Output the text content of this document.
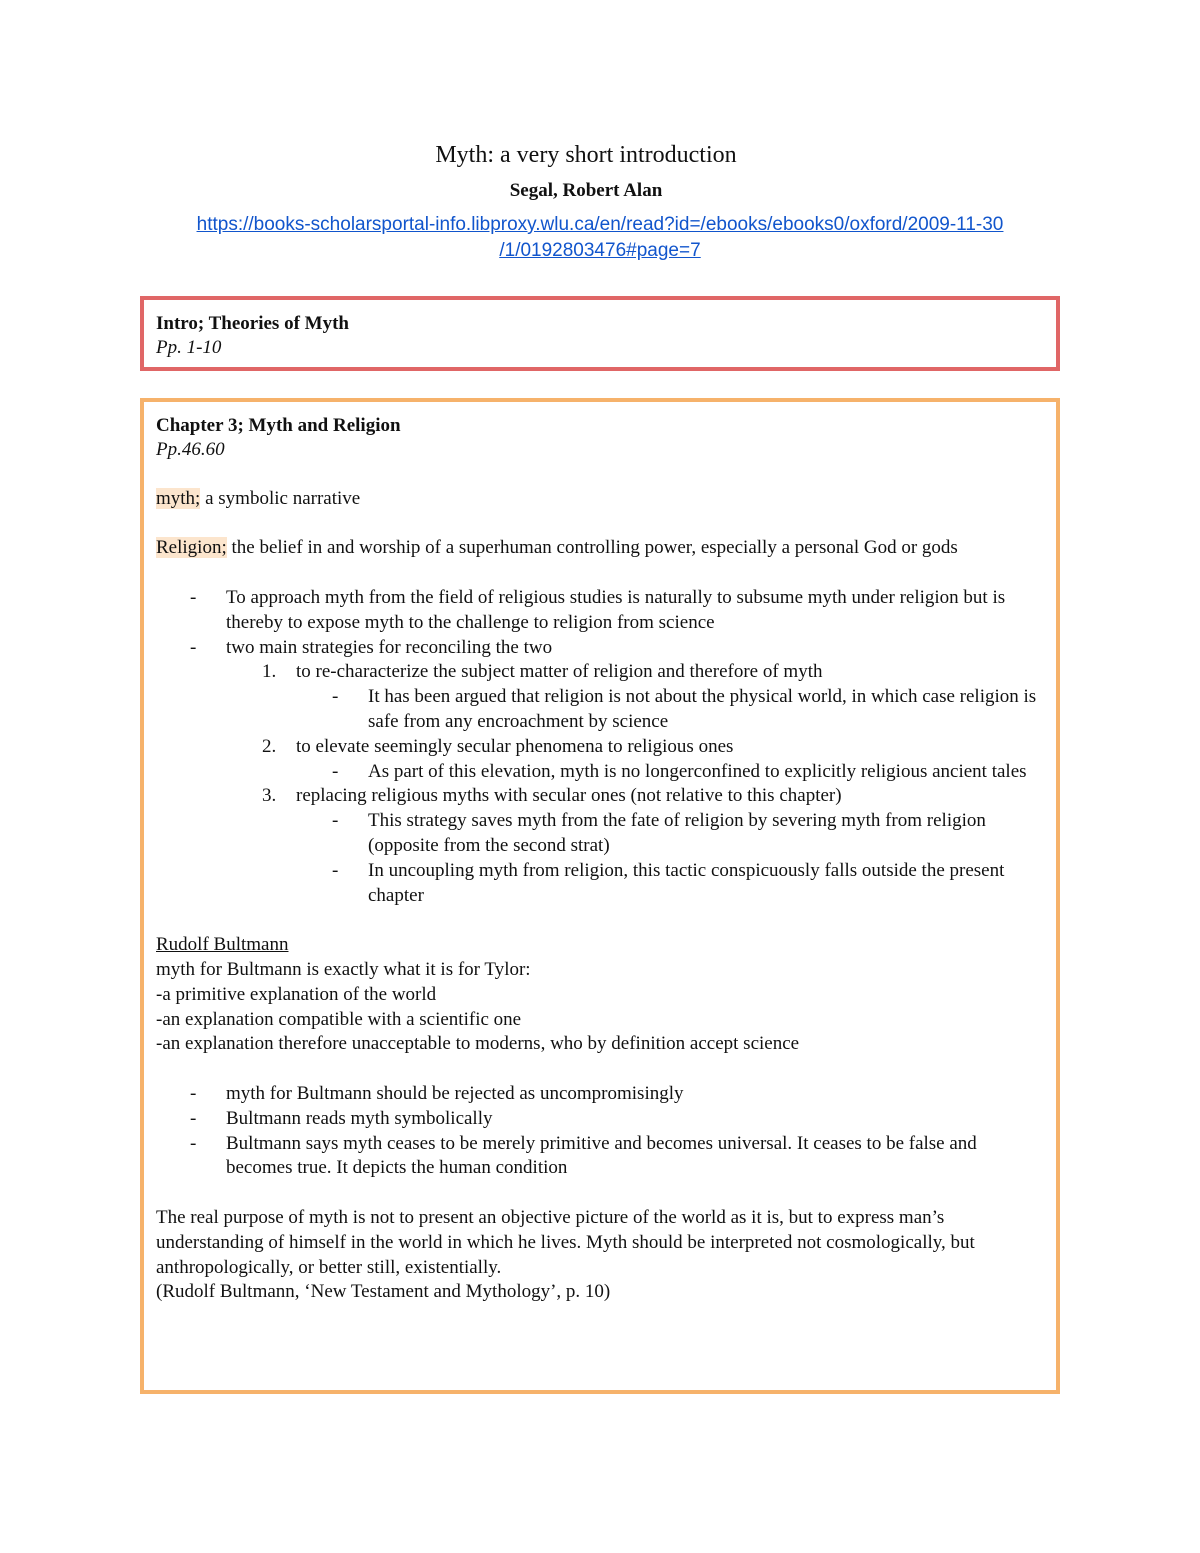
Myth: a very short introduction
Segal, Robert Alan
https://books-scholarsportal-info.libproxy.wlu.ca/en/read?id=/ebooks/ebooks0/oxford/2009-11-30
/1/0192803476#page=7
Intro; Theories of Myth
Pp. 1-10
Chapter 3; Myth and Religion
Pp.46.60

myth; a symbolic narrative

Religion; the belief in and worship of a superhuman controlling power, especially a personal God or gods

- To approach myth from the field of religious studies is naturally to subsume myth under religion but is thereby to expose myth to the challenge to religion from science
- two main strategies for reconciling the two
1. to re-characterize the subject matter of religion and therefore of myth
- It has been argued that religion is not about the physical world, in which case religion is safe from any encroachment by science
2. to elevate seemingly secular phenomena to religious ones
- As part of this elevation, myth is no longerconfined to explicitly religious ancient tales
3. replacing religious myths with secular ones (not relative to this chapter)
- This strategy saves myth from the fate of religion by severing myth from religion (opposite from the second strat)
- In uncoupling myth from religion, this tactic conspicuously falls outside the present chapter

Rudolf Bultmann

myth for Bultmann is exactly what it is for Tylor:

-a primitive explanation of the world

-an explanation compatible with a scientific one

-an explanation therefore unacceptable to moderns, who by definition accept science

- myth for Bultmann should be rejected as uncompromisingly
- Bultmann reads myth symbolically
- Bultmann says myth ceases to be merely primitive and becomes universal. It ceases to be false and becomes true. It depicts the human condition

The real purpose of myth is not to present an objective picture of the world as it is, but to express man’s understanding of himself in the world in which he lives. Myth should be interpreted not cosmologically, but anthropologically, or better still, existentially.

(Rudolf Bultmann, ‘New Testament and Mythology’, p. 10)
